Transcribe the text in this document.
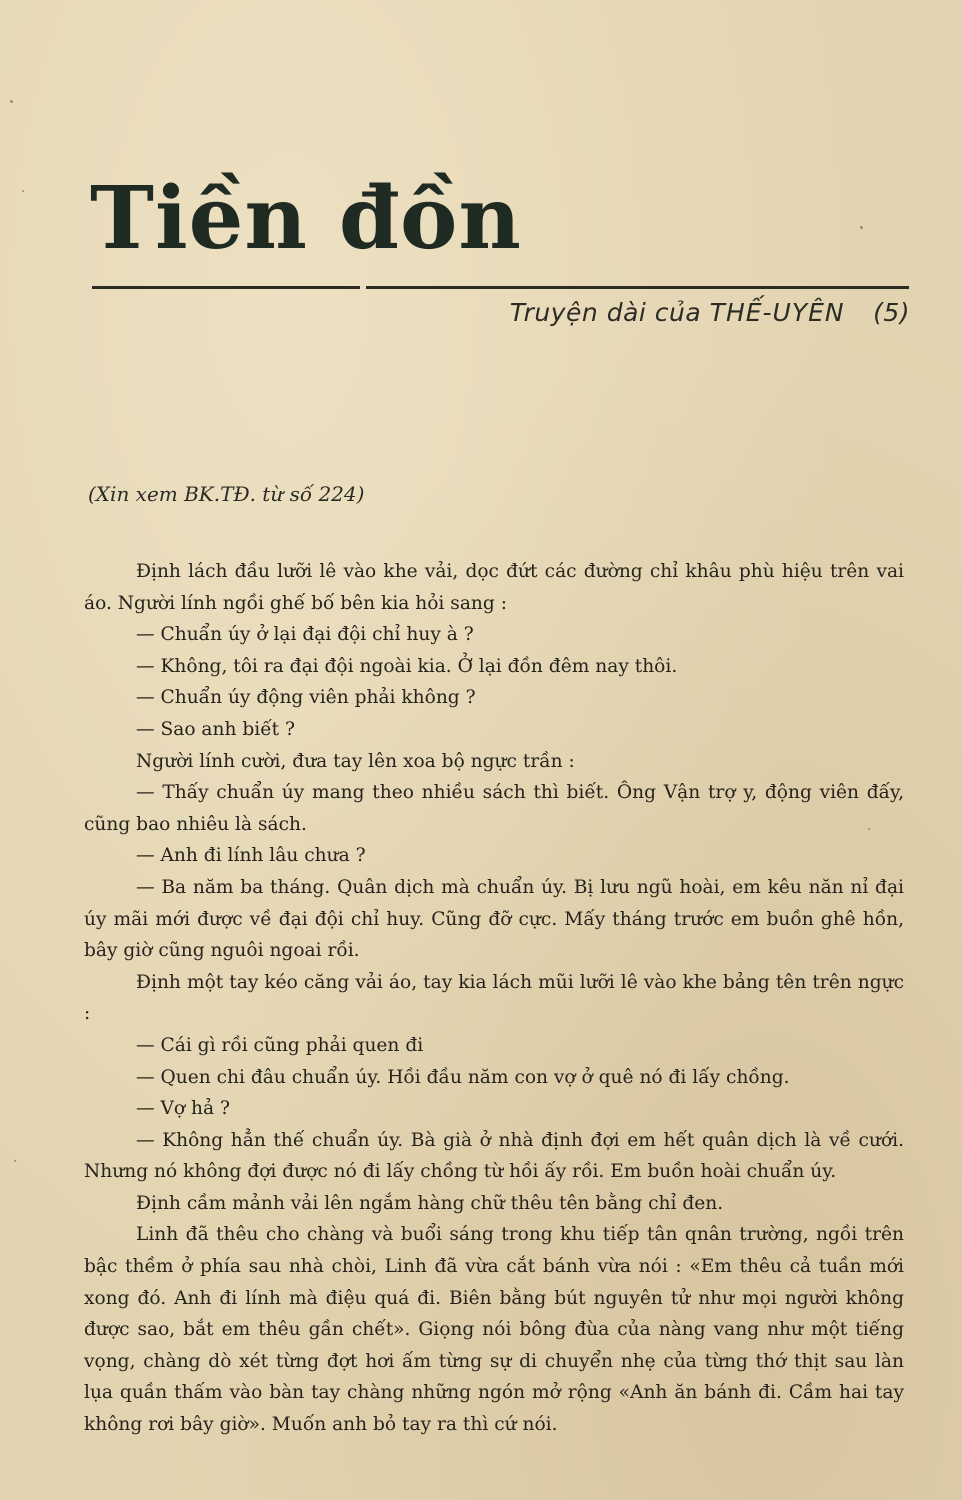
Tiền đồn
Truyện dài của THẾ-UYÊN (5)
(Xin xem BK.TĐ. từ số 224)

Định lách đầu lưỡi lê vào khe vải, dọc đứt các đường chỉ khâu phù hiệu trên vai áo. Người lính ngồi ghế bố bên kia hỏi sang :

— Chuẩn úy ở lại đại đội chỉ huy à ?

— Không, tôi ra đại đội ngoài kia. Ở lại đồn đêm nay thôi.

— Chuẩn úy động viên phải không ?

— Sao anh biết ?

Người lính cười, đưa tay lên xoa bộ ngực trần :

— Thấy chuẩn úy mang theo nhiều sách thì biết. Ông Vận trợ y, động viên đấy, cũng bao nhiêu là sách.

— Anh đi lính lâu chưa ?

— Ba năm ba tháng. Quân dịch mà chuẩn úy. Bị lưu ngũ hoài, em kêu năn nỉ đại úy mãi mới được về đại đội chỉ huy. Cũng đỡ cực. Mấy tháng trước em buồn ghê hồn, bây giờ cũng nguôi ngoai rồi.

Định một tay kéo căng vải áo, tay kia lách mũi lưỡi lê vào khe bảng tên trên ngực :

— Cái gì rồi cũng phải quen đi

— Quen chi đâu chuẩn úy. Hồi đầu năm con vợ ở quê nó đi lấy chồng.

— Vợ hả ?

— Không hẳn thế chuẩn úy. Bà già ở nhà định đợi em hết quân dịch là về cưới. Nhưng nó không đợi được nó đi lấy chồng từ hồi ấy rồi. Em buồn hoài chuẩn úy.

Định cầm mảnh vải lên ngắm hàng chữ thêu tên bằng chỉ đen.

Linh đã thêu cho chàng và buổi sáng trong khu tiếp tân qnân trường, ngồi trên bậc thềm ở phía sau nhà chòi, Linh đã vừa cắt bánh vừa nói : «Em thêu cả tuần mới xong đó. Anh đi lính mà điệu quá đi. Biên bằng bút nguyên tử như mọi người không được sao, bắt em thêu gần chết». Giọng nói bông đùa của nàng vang như một tiếng vọng, chàng dò xét từng đợt hơi ấm từng sự di chuyển nhẹ của từng thớ thịt sau làn lụa quần thấm vào bàn tay chàng những ngón mở rộng «Anh ăn bánh đi. Cầm hai tay không rơi bây giờ». Muốn anh bỏ tay ra thì cứ nói.
